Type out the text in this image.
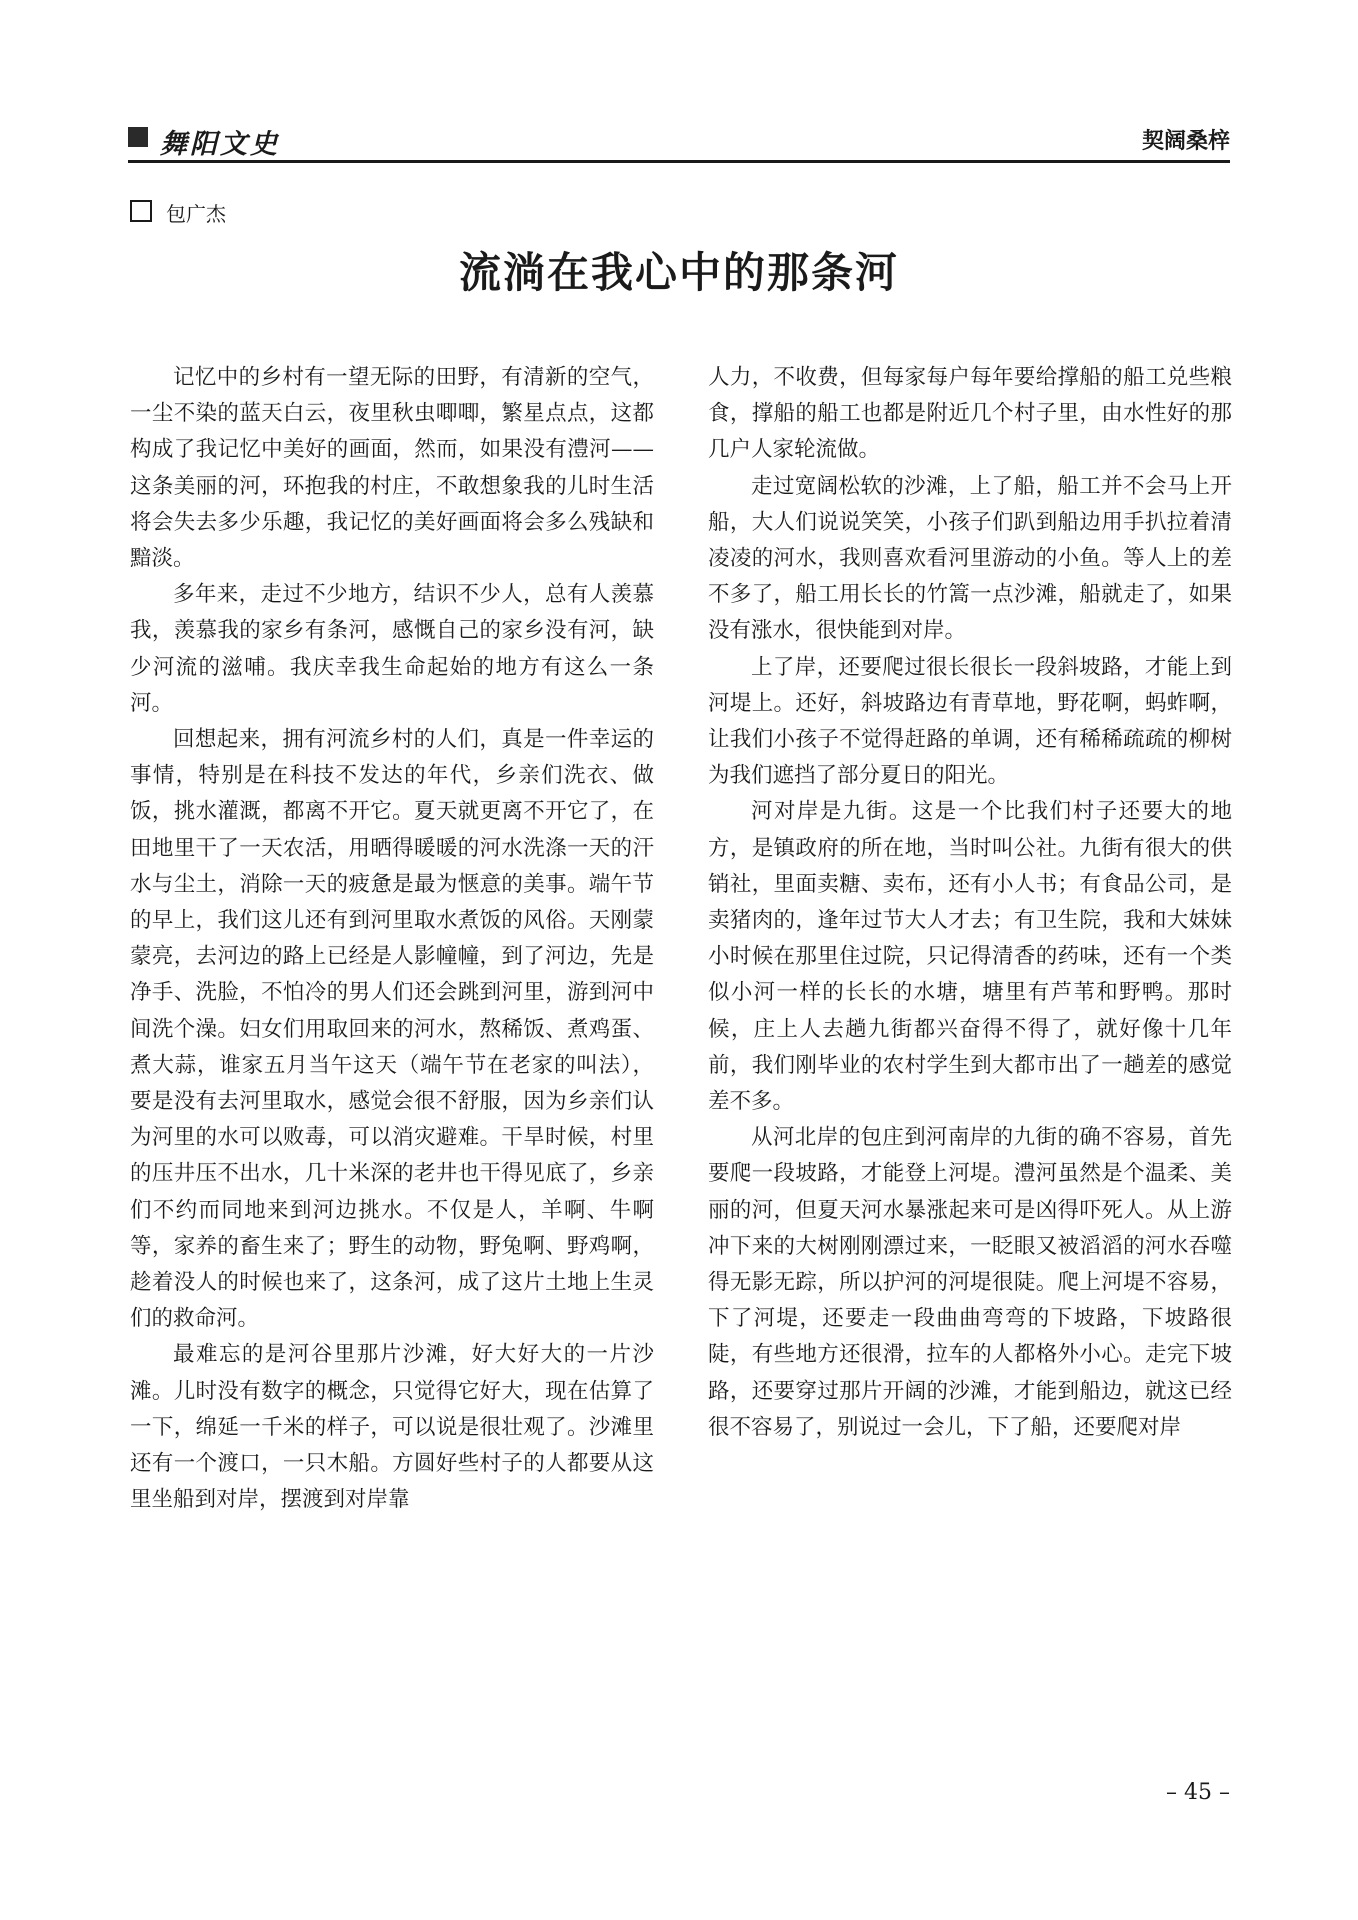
舞阳文史	契阔桑梓
包广杰
流淌在我心中的那条河

记忆中的乡村有一望无际的田野，有清新的空气，一尘不染的蓝天白云，夜里秋虫唧唧，繁星点点，这都构成了我记忆中美好的画面，然而，如果没有澧河——这条美丽的河，环抱我的村庄，不敢想象我的儿时生活将会失去多少乐趣，我记忆的美好画面将会多么残缺和黯淡。

多年来，走过不少地方，结识不少人，总有人羡慕我，羡慕我的家乡有条河，感慨自己的家乡没有河，缺少河流的滋哺。我庆幸我生命起始的地方有这么一条河。

回想起来，拥有河流乡村的人们，真是一件幸运的事情，特别是在科技不发达的年代，乡亲们洗衣、做饭，挑水灌溉，都离不开它。夏天就更离不开它了，在田地里干了一天农活，用晒得暖暖的河水洗涤一天的汗水与尘土，消除一天的疲惫是最为惬意的美事。端午节的早上，我们这儿还有到河里取水煮饭的风俗。天刚蒙蒙亮，去河边的路上已经是人影幢幢，到了河边，先是净手、洗脸，不怕冷的男人们还会跳到河里，游到河中间洗个澡。妇女们用取回来的河水，熬稀饭、煮鸡蛋、煮大蒜，谁家五月当午这天（端午节在老家的叫法），要是没有去河里取水，感觉会很不舒服，因为乡亲们认为河里的水可以败毒，可以消灾避难。干旱时候，村里的压井压不出水，几十米深的老井也干得见底了，乡亲们不约而同地来到河边挑水。不仅是人，羊啊、牛啊等，家养的畜生来了；野生的动物，野兔啊、野鸡啊，趁着没人的时候也来了，这条河，成了这片土地上生灵们的救命河。

最难忘的是河谷里那片沙滩，好大好大的一片沙滩。儿时没有数字的概念，只觉得它好大，现在估算了一下，绵延一千米的样子，可以说是很壮观了。沙滩里还有一个渡口，一只木船。方圆好些村子的人都要从这里坐船到对岸，摆渡到对岸靠

人力，不收费，但每家每户每年要给撑船的船工兑些粮食，撑船的船工也都是附近几个村子里，由水性好的那几户人家轮流做。

走过宽阔松软的沙滩，上了船，船工并不会马上开船，大人们说说笑笑，小孩子们趴到船边用手扒拉着清凌凌的河水，我则喜欢看河里游动的小鱼。等人上的差不多了，船工用长长的竹篙一点沙滩，船就走了，如果没有涨水，很快能到对岸。

上了岸，还要爬过很长很长一段斜坡路，才能上到河堤上。还好，斜坡路边有青草地，野花啊，蚂蚱啊，让我们小孩子不觉得赶路的单调，还有稀稀疏疏的柳树为我们遮挡了部分夏日的阳光。

河对岸是九街。这是一个比我们村子还要大的地方，是镇政府的所在地，当时叫公社。九街有很大的供销社，里面卖糖、卖布，还有小人书；有食品公司，是卖猪肉的，逢年过节大人才去；有卫生院，我和大妹妹小时候在那里住过院，只记得清香的药味，还有一个类似小河一样的长长的水塘，塘里有芦苇和野鸭。那时候，庄上人去趟九街都兴奋得不得了，就好像十几年前，我们刚毕业的农村学生到大都市出了一趟差的感觉差不多。

从河北岸的包庄到河南岸的九街的确不容易，首先要爬一段坡路，才能登上河堤。澧河虽然是个温柔、美丽的河，但夏天河水暴涨起来可是凶得吓死人。从上游冲下来的大树刚刚漂过来，一眨眼又被滔滔的河水吞噬得无影无踪，所以护河的河堤很陡。爬上河堤不容易，下了河堤，还要走一段曲曲弯弯的下坡路，下坡路很陡，有些地方还很滑，拉车的人都格外小心。走完下坡路，还要穿过那片开阔的沙滩，才能到船边，就这已经很不容易了，别说过一会儿，下了船，还要爬对岸

– 45 –
